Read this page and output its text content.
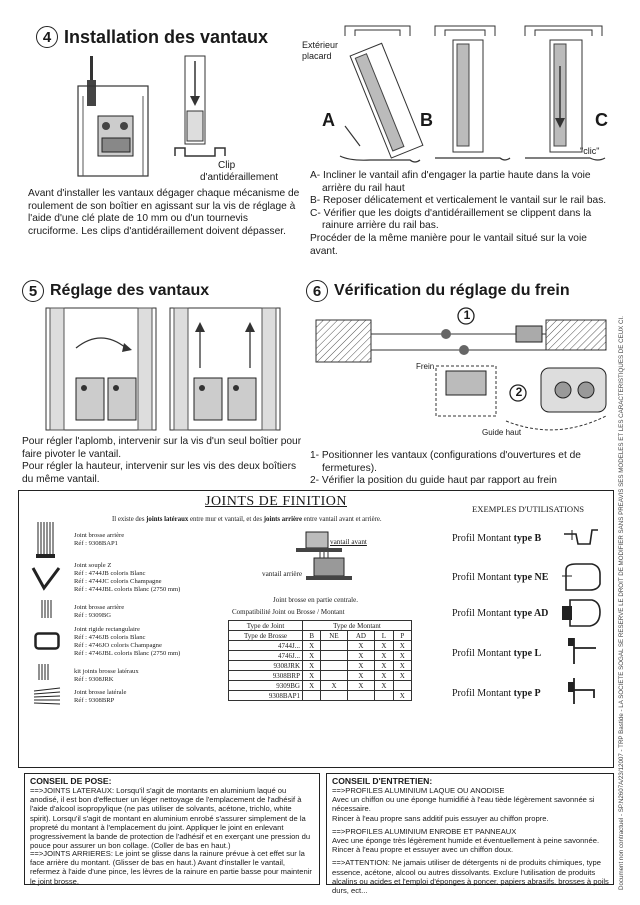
4 Installation des vantaux
Clip
d'antidéraillement
Avant d'installer les vantaux dégager chaque mécanisme de roulement de son boîtier en agissant sur la vis de réglage à l'aide d'une clé plate de 10 mm ou d'un tournevis cruciforme. Les clips d'antidéraillement doivent dépasser.
Extérieur
placard
A	B	C
"clic"
A- Incliner le vantail afin d'engager la partie haute dans la voie arrière du rail haut
B- Reposer délicatement et verticalement le vantail sur le rail bas.
C- Vérifier que les doigts d'antidéraillement se clippent dans la rainure arrière du rail bas.
Procéder de la même manière pour le vantail situé sur la voie avant.
5 Réglage des vantaux
Pour régler l'aplomb, intervenir sur la vis d'un seul boîtier pour faire pivoter le vantail.
Pour régler la hauteur, intervenir sur les vis des deux boîtiers du même vantail.
6 Vérification du réglage du frein
1
2
Frein
Guide haut
1- Positionner les vantaux (configurations d'ouvertures et de fermetures).
2- Vérifier la position du guide haut par rapport au frein
JOINTS DE FINITION
Il existe des joints latéraux entre mur et vantail, et des joints arrière entre vantail avant et arrière.
Joint brosse arrière
Réf : 9308BAP1
Joint souple Z
Réf : 4744JB coloris Blanc
Réf : 4744JC coloris Champagne
Réf : 4744JBL coloris Blanc (2750 mm)
Joint brosse arrière
Réf : 9309BG
Joint rigide rectangulaire
Réf : 4746JB coloris Blanc
Réf : 4746JO coloris Champagne
Réf : 4746JBL coloris Blanc (2750 mm)
kit joints brosse latéraux
Réf : 9308JRK
Joint brosse latérale
Réf : 9308BRP
vantail avant
vantail arrière
Joint brosse en partie centrale.
Compatibilité Joint ou Brosse / Montant
Type de Joint	Type de Montant				
Type de Brosse	B	NE	AD	L	P
4744J...	X		X	X	X
4746J...	X		X	X	X
9308JRK	X		X	X	X
9308BRP	X		X	X	X
9309BG	X	X	X	X	
9308BAP1					X
EXEMPLES D'UTILISATIONS
Profil Montant type B
Profil Montant type NE
Profil Montant type AD
Profil Montant type L
Profil Montant type P
CONSEIL DE POSE:
==>JOINTS LATERAUX: Lorsqu'il s'agit de montants en aluminium laqué ou anodisé, il est bon d'effectuer un léger nettoyage de l'emplacement de l'adhésif à l'aide d'alcool isopropylique (ne pas utiliser de solvants, acétone, trichlo, white spirit). Lorsqu'il s'agit de montant en aluminium enrobé s'assurer simplement de la propreté du montant à l'emplacement du joint. Appliquer le joint en enlevant progressivement la bande de protection de l'adhésif et en exerçant une pression du pouce pour assurer un bon collage. (Coller de bas en haut.)
==>JOINTS ARRIERES: Le joint se glisse dans la rainure prévue à cet effet sur la face arrière du montant. (Glisser de bas en haut.) Avant d'installer le vantail, refermez à l'aide d'une pince, les lèvres de la rainure en partie basse pour maintenir le joint brosse.
CONSEIL D'ENTRETIEN:
==>PROFILES ALUMINIUM LAQUE OU ANODISE
Avec un chiffon ou une éponge humidifié à l'eau tiède légèrement savonnée si nécessaire.
Rincer à l'eau propre sans additif puis essuyer au chiffon propre.
==>PROFILES ALUMINIUM ENROBE ET PANNEAUX
Avec une éponge très légèrement humide et éventuellement à peine savonnée.
Rincer à l'eau propre et essuyer avec un chiffon doux.
==>ATTENTION: Ne jamais utiliser de détergents ni de produits chimiques, type essence, acétone, alcool ou autres dissolvants. Exclure l'utilisation de produits alcalins ou acides et l'emploi d'éponges à poncer, papiers abrasifs, brosses à poils durs, ect...
Document non contractuel - SP.N2607A/23/12007 - TRP Bastide - LA SOCIETE SOGAL SE RESERVE LE DROIT DE MODIFIER SANS PREAVIS SES MODELES ET LES CARACTERISTIQUES DE CEUX CI.
